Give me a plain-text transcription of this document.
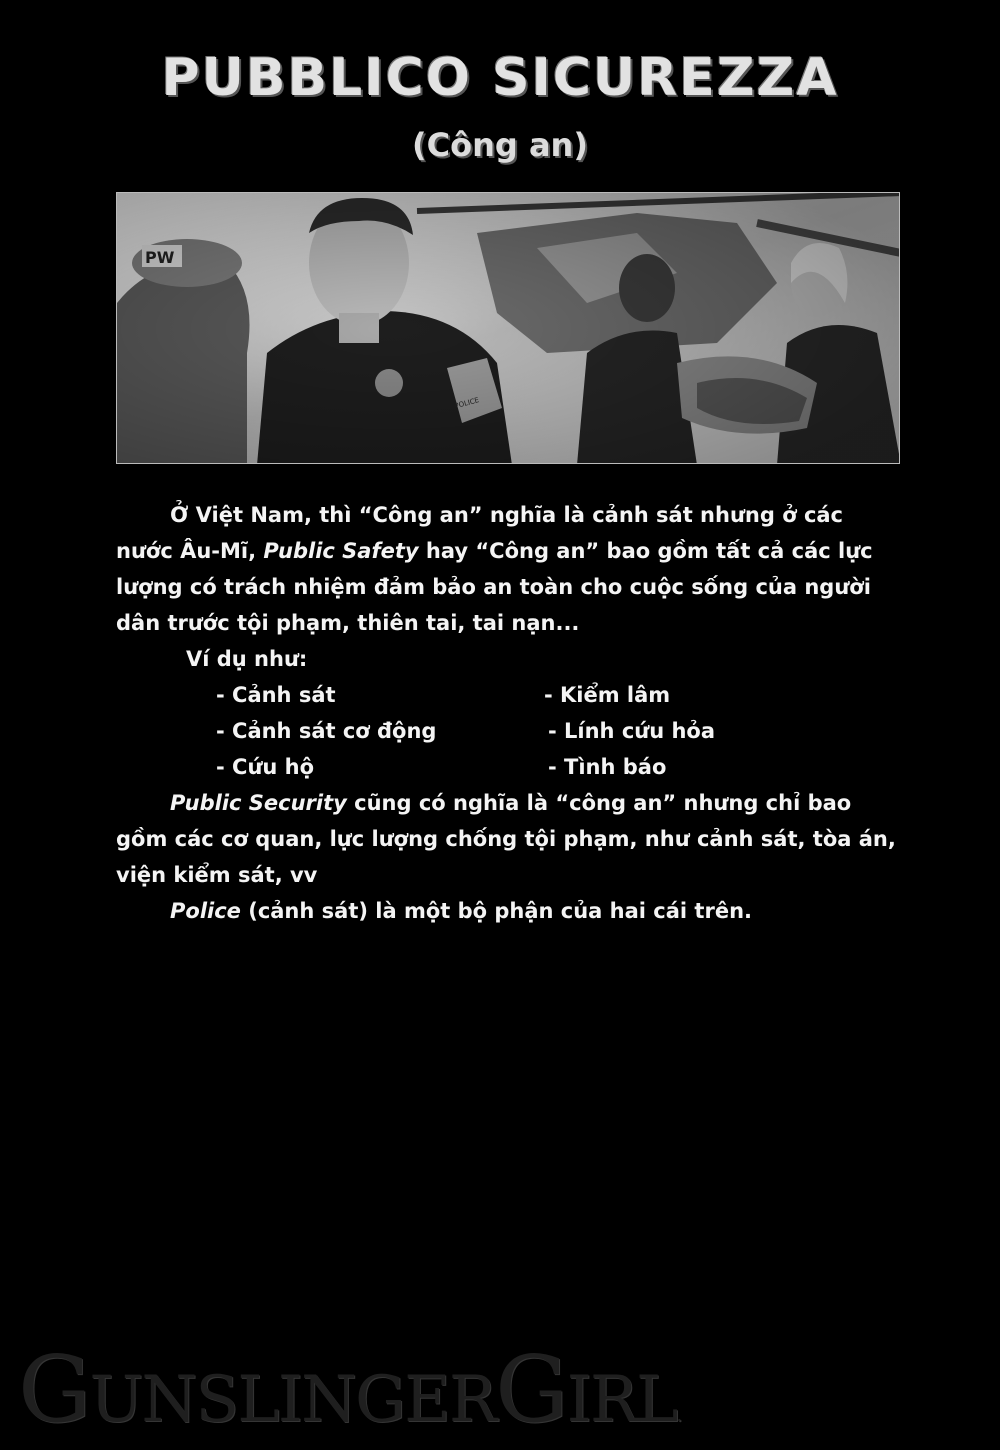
PUBBLICO SICUREZZA
(Công an)

Ở Việt Nam, thì “Công an” nghĩa là cảnh sát nhưng ở các nước Âu-Mĩ, Public Safety hay “Công an” bao gồm tất cả các lực lượng có trách nhiệm đảm bảo an toàn cho cuộc sống của người dân trước tội phạm, thiên tai, tai nạn...

Ví dụ như:

- Cảnh sát	- Kiểm lâm
- Cảnh sát cơ động	- Lính cứu hỏa
- Cứu hộ	- Tình báo

Public Security cũng có nghĩa là “công an” nhưng chỉ bao gồm các cơ quan, lực lượng chống tội phạm, như cảnh sát, tòa án, viện kiểm sát, vv

Police (cảnh sát) là một bộ phận của hai cái trên.

GunslingerGirl.
